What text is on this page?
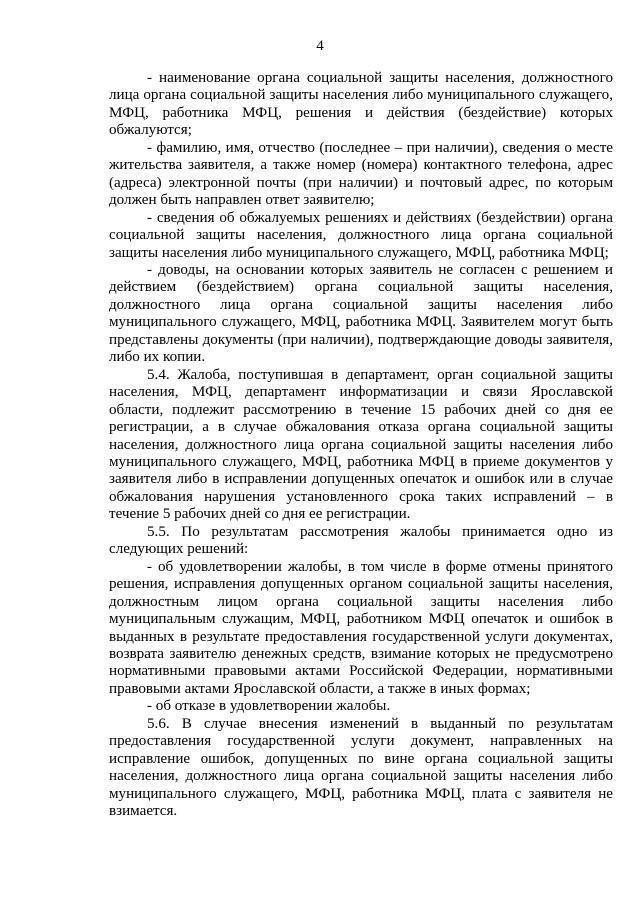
4

- наименование органа социальной защиты населения, должностного лица органа социальной защиты населения либо муниципального служащего, МФЦ, работника МФЦ, решения и действия (бездействие) которых обжалуются;

- фамилию, имя, отчество (последнее – при наличии), сведения о месте жительства заявителя, а также номер (номера) контактного телефона, адрес (адреса) электронной почты (при наличии) и почтовый адрес, по которым должен быть направлен ответ заявителю;

- сведения об обжалуемых решениях и действиях (бездействии) органа социальной защиты населения, должностного лица органа социальной защиты населения либо муниципального служащего, МФЦ, работника МФЦ;

- доводы, на основании которых заявитель не согласен с решением и действием (бездействием) органа социальной защиты населения, должностного лица органа социальной защиты населения либо муниципального служащего, МФЦ, работника МФЦ. Заявителем могут быть представлены документы (при наличии), подтверждающие доводы заявителя, либо их копии.

5.4. Жалоба, поступившая в департамент, орган социальной защиты населения, МФЦ, департамент информатизации и связи Ярославской области, подлежит рассмотрению в течение 15 рабочих дней со дня ее регистрации, а в случае обжалования отказа органа социальной защиты населения, должностного лица органа социальной защиты населения либо муниципального служащего, МФЦ, работника МФЦ в приеме документов у заявителя либо в исправлении допущенных опечаток и ошибок или в случае обжалования нарушения установленного срока таких исправлений – в течение 5 рабочих дней со дня ее регистрации.

5.5. По результатам рассмотрения жалобы принимается одно из следующих решений:

- об удовлетворении жалобы, в том числе в форме отмены принятого решения, исправления допущенных органом социальной защиты населения, должностным лицом органа социальной защиты населения либо муниципальным служащим, МФЦ, работником МФЦ опечаток и ошибок в выданных в результате предоставления государственной услуги документах, возврата заявителю денежных средств, взимание которых не предусмотрено нормативными правовыми актами Российской Федерации, нормативными правовыми актами Ярославской области, а также в иных формах;

- об отказе в удовлетворении жалобы.

5.6. В случае внесения изменений в выданный по результатам предоставления государственной услуги документ, направленных на исправление ошибок, допущенных по вине органа социальной защиты населения, должностного лица органа социальной защиты населения либо муниципального служащего, МФЦ, работника МФЦ, плата с заявителя не взимается.
